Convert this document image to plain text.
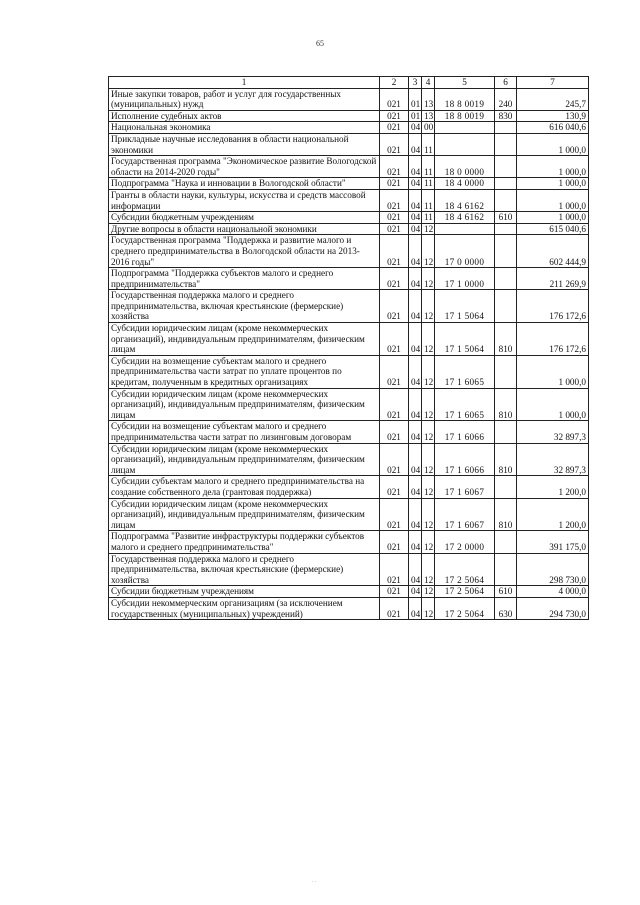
65
1	2	3	4	5	6	7
Иные закупки товаров, работ и услуг для государственных (муниципальных) нужд	021	01	13	18 8 0019	240	245,7
Исполнение судебных актов	021	01	13	18 8 0019	830	130,9
Национальная экономика	021	04	00			616 040,6
Прикладные научные исследования в области национальной экономики	021	04	11			1 000,0
Государственная программа "Экономическое развитие Вологодской области на 2014-2020 годы"	021	04	11	18 0 0000		1 000,0
Подпрограмма "Наука и инновации в Вологодской области"	021	04	11	18 4 0000		1 000,0
Гранты в области науки, культуры, искусства и средств массовой информации	021	04	11	18 4 6162		1 000,0
Субсидии бюджетным учреждениям	021	04	11	18 4 6162	610	1 000,0
Другие вопросы в области национальной экономики	021	04	12			615 040,6
Государственная программа "Поддержка и развитие малого и среднего предпринимательства в Вологодской области на 2013-2016 годы"	021	04	12	17 0 0000		602 444,9
Подпрограмма "Поддержка субъектов малого и среднего предпринимательства"	021	04	12	17 1 0000		211 269,9
Государственная поддержка малого и среднего предпринимательства, включая крестьянские (фермерские) хозяйства	021	04	12	17 1 5064		176 172,6
Субсидии юридическим лицам (кроме некоммерческих организаций), индивидуальным предпринимателям, физическим лицам	021	04	12	17 1 5064	810	176 172,6
Субсидии на возмещение субъектам малого и среднего предпринимательства части затрат по уплате процентов по кредитам, полученным в кредитных организациях	021	04	12	17 1 6065		1 000,0
Субсидии юридическим лицам (кроме некоммерческих организаций), индивидуальным предпринимателям, физическим лицам	021	04	12	17 1 6065	810	1 000,0
Субсидии на возмещение субъектам малого и среднего предпринимательства части затрат по лизинговым договорам	021	04	12	17 1 6066		32 897,3
Субсидии юридическим лицам (кроме некоммерческих организаций), индивидуальным предпринимателям, физическим лицам	021	04	12	17 1 6066	810	32 897,3
Субсидии субъектам малого и среднего предпринимательства на создание собственного дела (грантовая поддержка)	021	04	12	17 1 6067		1 200,0
Субсидии юридическим лицам (кроме некоммерческих организаций), индивидуальным предпринимателям, физическим лицам	021	04	12	17 1 6067	810	1 200,0
Подпрограмма "Развитие инфраструктуры поддержки субъектов малого и среднего предпринимательства"	021	04	12	17 2 0000		391 175,0
Государственная поддержка малого и среднего предпринимательства, включая крестьянские (фермерские) хозяйства	021	04	12	17 2 5064		298 730,0
Субсидии бюджетным учреждениям	021	04	12	17 2 5064	610	4 000,0
Субсидии некоммерческим организациям (за исключением государственных (муниципальных) учреждений)	021	04	12	17 2 5064	630	294 730,0
. .
